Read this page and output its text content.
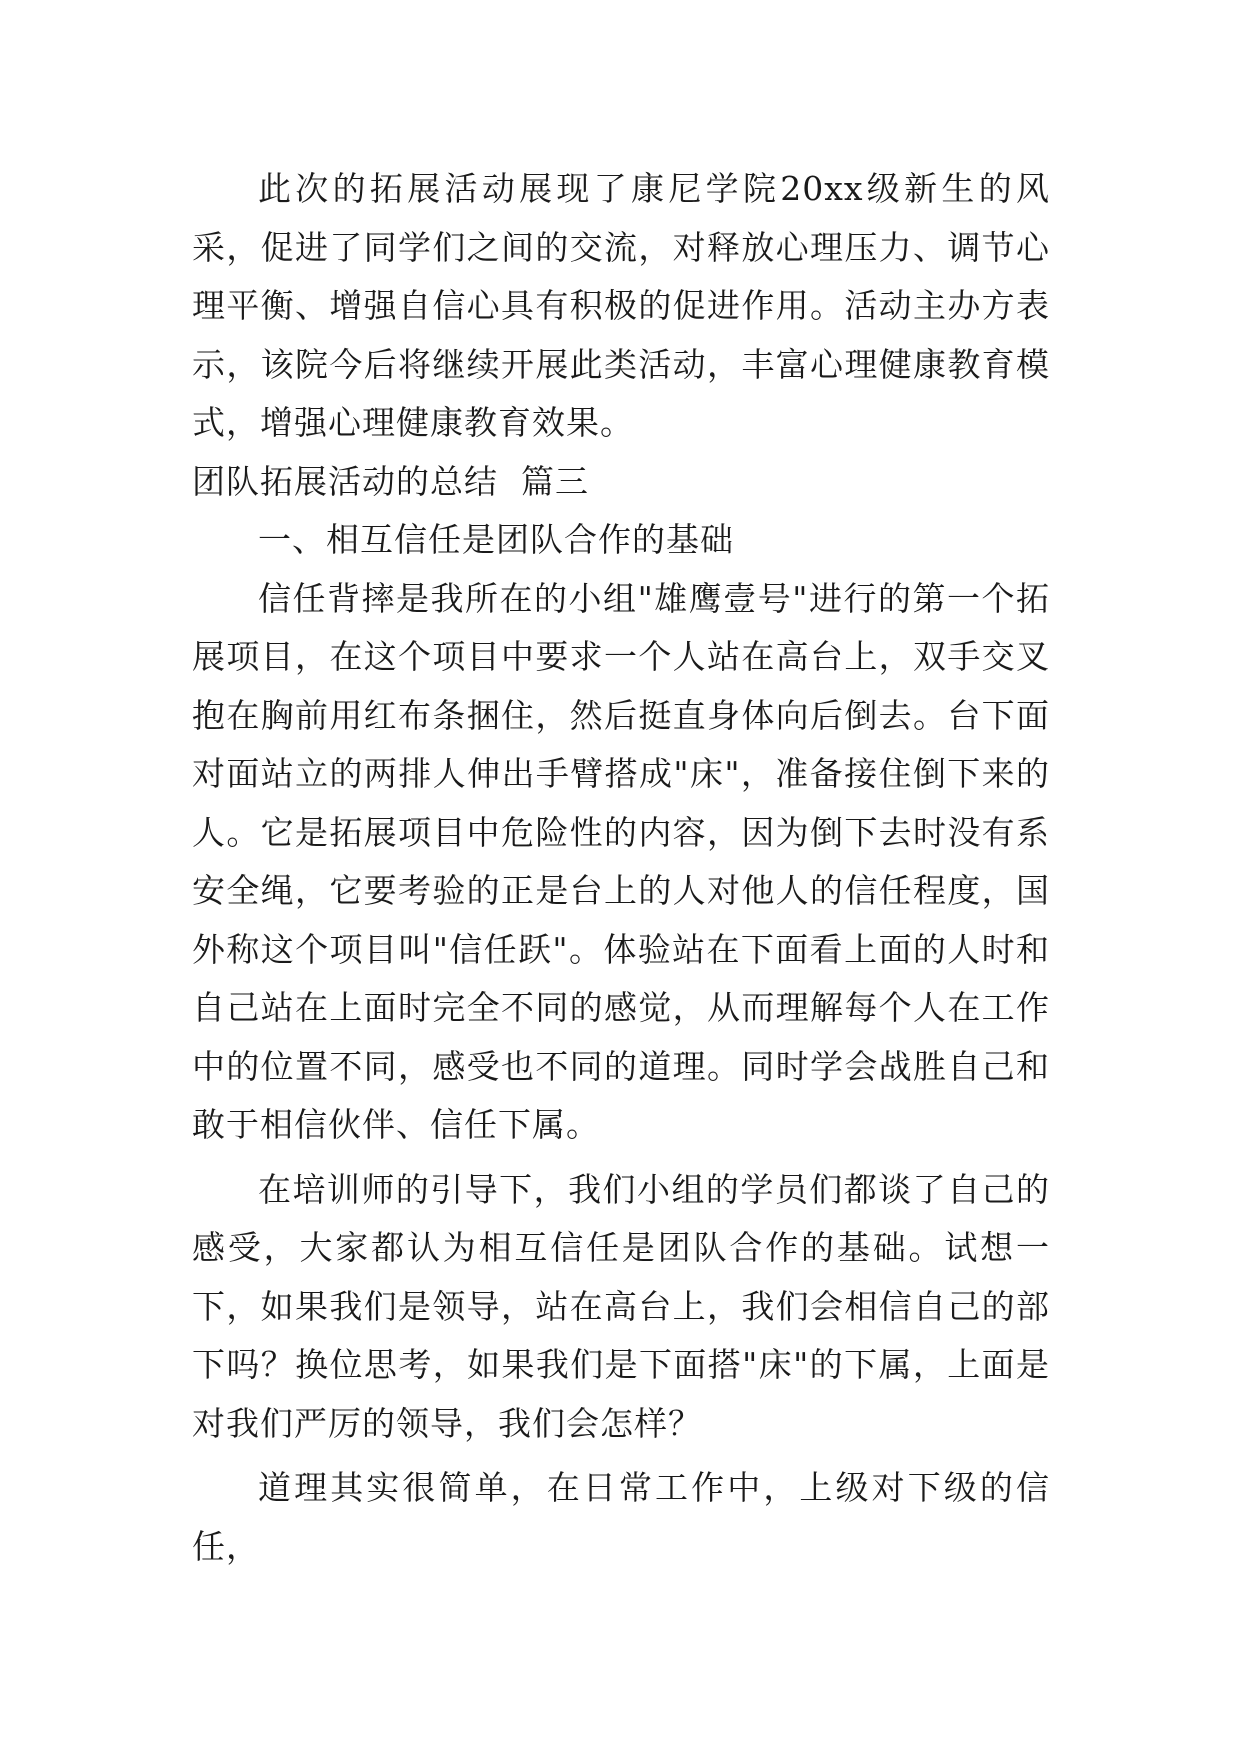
此次的拓展活动展现了康尼学院20xx级新生的风采，促进了同学们之间的交流，对释放心理压力、调节心理平衡、增强自信心具有积极的促进作用。活动主办方表示，该院今后将继续开展此类活动，丰富心理健康教育模式，增强心理健康教育效果。

团队拓展活动的总结  篇三

一、相互信任是团队合作的基础

信任背摔是我所在的小组"雄鹰壹号"进行的第一个拓展项目，在这个项目中要求一个人站在高台上，双手交叉抱在胸前用红布条捆住，然后挺直身体向后倒去。台下面对面站立的两排人伸出手臂搭成"床"，准备接住倒下来的人。它是拓展项目中危险性的内容，因为倒下去时没有系安全绳，它要考验的正是台上的人对他人的信任程度，国外称这个项目叫"信任跃"。体验站在下面看上面的人时和自己站在上面时完全不同的感觉，从而理解每个人在工作中的位置不同，感受也不同的道理。同时学会战胜自己和敢于相信伙伴、信任下属。

在培训师的引导下，我们小组的学员们都谈了自己的感受，大家都认为相互信任是团队合作的基础。试想一下，如果我们是领导，站在高台上，我们会相信自己的部下吗？换位思考，如果我们是下面搭"床"的下属，上面是对我们严厉的领导，我们会怎样？

道理其实很简单，在日常工作中，上级对下级的信任，
